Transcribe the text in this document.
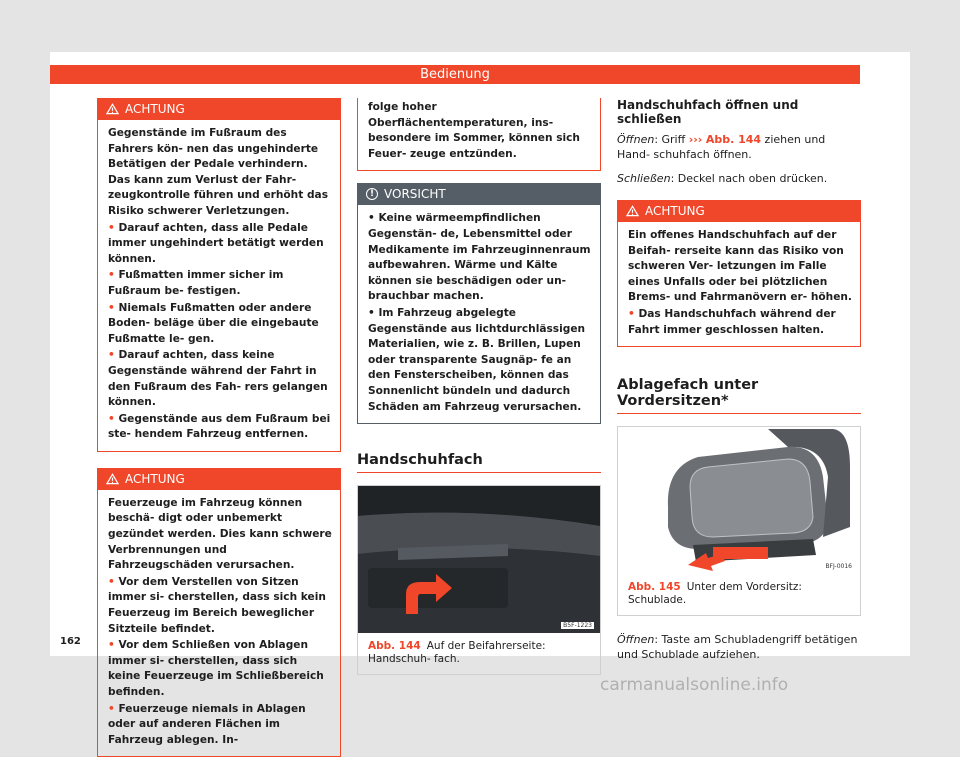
Bedienung
ACHTUNG

Gegenstände im Fußraum des Fahrers kön- nen das ungehinderte Betätigen der Pedale verhindern. Das kann zum Verlust der Fahr- zeugkontrolle führen und erhöht das Risiko schwerer Verletzungen.

• Darauf achten, dass alle Pedale immer ungehindert betätigt werden können.

• Fußmatten immer sicher im Fußraum be- festigen.

• Niemals Fußmatten oder andere Boden- beläge über die eingebaute Fußmatte le- gen.

• Darauf achten, dass keine Gegenstände während der Fahrt in den Fußraum des Fah- rers gelangen können.

• Gegenstände aus dem Fußraum bei ste- hendem Fahrzeug entfernen.

ACHTUNG

Feuerzeuge im Fahrzeug können beschä- digt oder unbemerkt gezündet werden. Dies kann schwere Verbrennungen und Fahrzeugschäden verursachen.

• Vor dem Verstellen von Sitzen immer si- cherstellen, dass sich kein Feuerzeug im Bereich beweglicher Sitzteile befindet.

• Vor dem Schließen von Ablagen immer si- cherstellen, dass sich keine Feuerzeuge im Schließbereich befinden.

• Feuerzeuge niemals in Ablagen oder auf anderen Flächen im Fahrzeug ablegen. In-

folge hoher Oberflächentemperaturen, ins- besondere im Sommer, können sich Feuer- zeuge entzünden.

! VORSICHT

• Keine wärmeempfindlichen Gegenstän- de, Lebensmittel oder Medikamente im Fahrzeuginnenraum aufbewahren. Wärme und Kälte können sie beschädigen oder un- brauchbar machen.

• Im Fahrzeug abgelegte Gegenstände aus lichtdurchlässigen Materialien, wie z. B. Brillen, Lupen oder transparente Saugnäp- fe an den Fensterscheiben, können das Sonnenlicht bündeln und dadurch Schäden am Fahrzeug verursachen.

Handschuhfach
B5F-1223
Abb. 144 Auf der Beifahrerseite: Handschuh- fach.
Handschuhfach öffnen und schließen

Öffnen: Griff ››› Abb. 144 ziehen und Hand- schuhfach öffnen.

Schließen: Deckel nach oben drücken.

ACHTUNG

Ein offenes Handschuhfach auf der Beifah- rerseite kann das Risiko von schweren Ver- letzungen im Falle eines Unfalls oder bei plötzlichen Brems- und Fahrmanövern er- höhen.

• Das Handschuhfach während der Fahrt immer geschlossen halten.

Ablagefach unter Vordersitzen*
BFJ-0016
Abb. 145 Unter dem Vordersitz: Schublade.

Öffnen: Taste am Schubladengriff betätigen und Schublade aufziehen.

162
carmanualsonline.info
